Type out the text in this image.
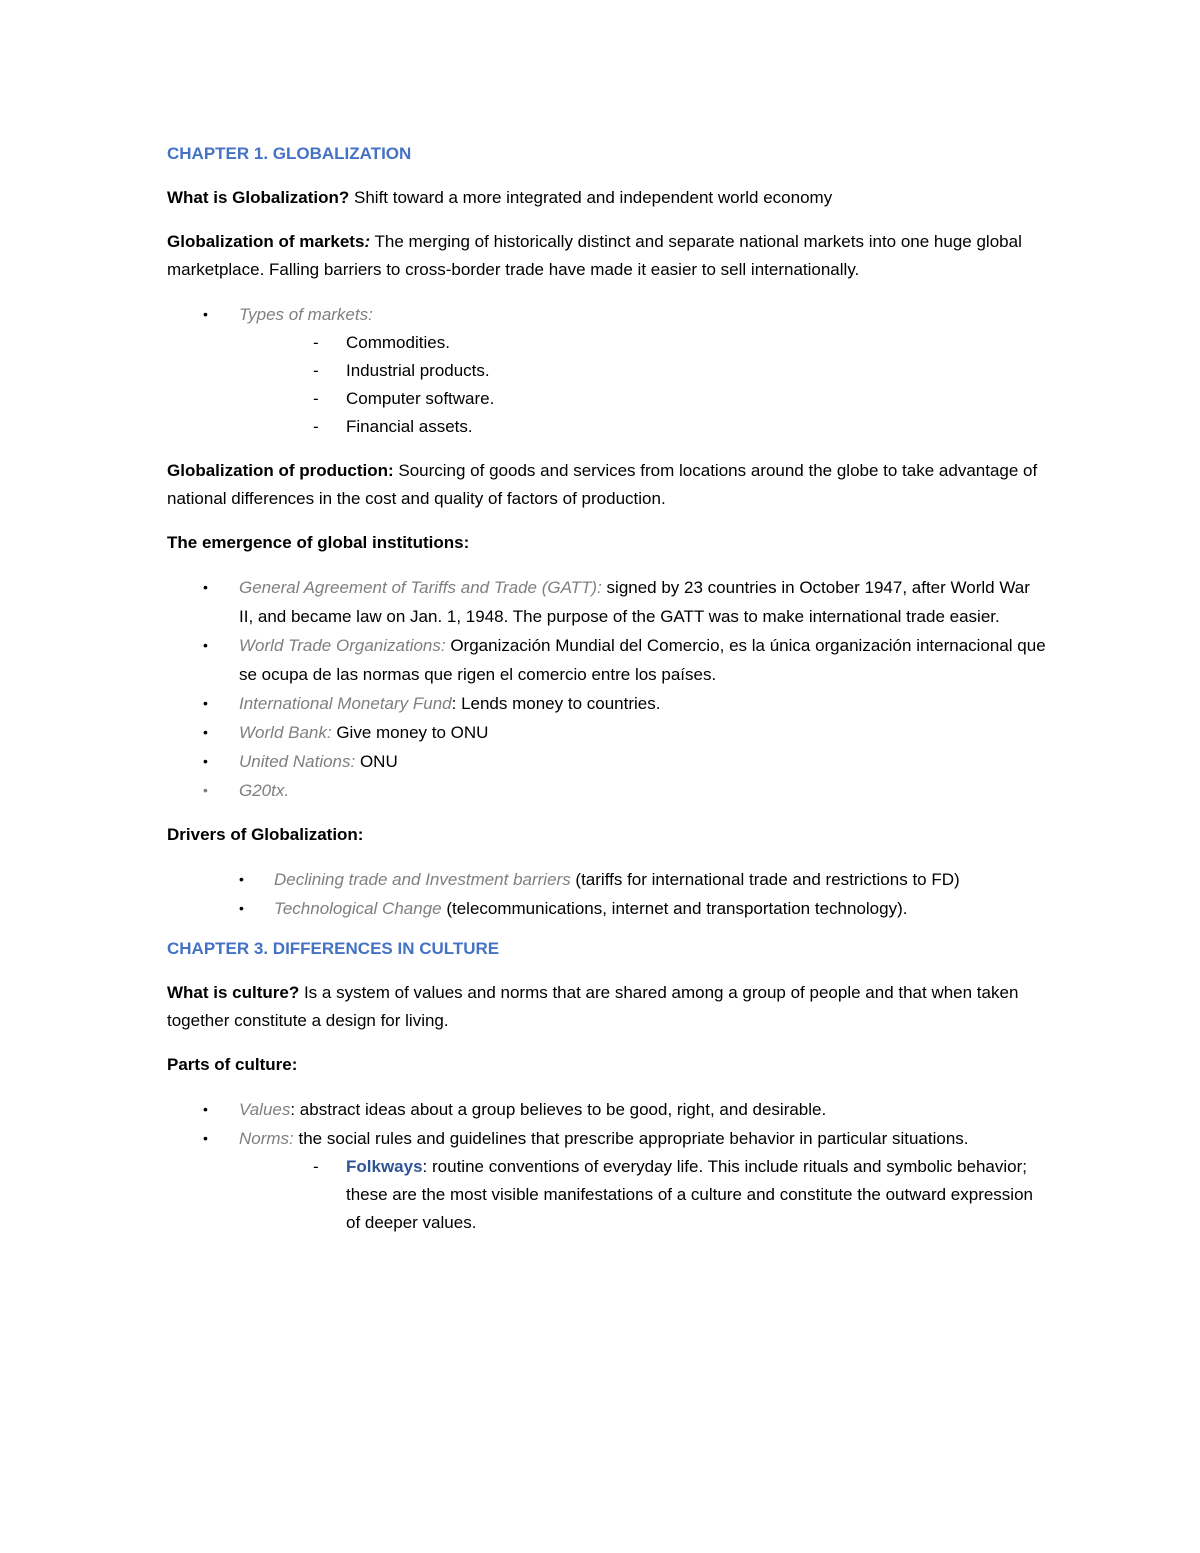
CHAPTER 1. GLOBALIZATION

What is Globalization? Shift toward a more integrated and independent world economy

Globalization of markets: The merging of historically distinct and separate national markets into one huge global marketplace. Falling barriers to cross-border trade have made it easier to sell internationally.

• Types of markets:
- Commodities.
- Industrial products.
- Computer software.
- Financial assets.

Globalization of production: Sourcing of goods and services from locations around the globe to take advantage of national differences in the cost and quality of factors of production.

The emergence of global institutions:

• General Agreement of Tariffs and Trade (GATT): signed by 23 countries in October 1947, after World War II, and became law on Jan. 1, 1948. The purpose of the GATT was to make international trade easier.
• World Trade Organizations: Organización Mundial del Comercio, es la única organización internacional que se ocupa de las normas que rigen el comercio entre los países.
• International Monetary Fund: Lends money to countries.
• World Bank: Give money to ONU
• United Nations: ONU
• G20tx.

Drivers of Globalization:

• Declining trade and Investment barriers (tariffs for international trade and restrictions to FD)
• Technological Change (telecommunications, internet and transportation technology).

CHAPTER 3. DIFFERENCES IN CULTURE

What is culture? Is a system of values and norms that are shared among a group of people and that when taken together constitute a design for living.

Parts of culture:

• Values: abstract ideas about a group believes to be good, right, and desirable.
• Norms: the social rules and guidelines that prescribe appropriate behavior in particular situations.
- Folkways: routine conventions of everyday life. This include rituals and symbolic behavior; these are the most visible manifestations of a culture and constitute the outward expression of deeper values.
